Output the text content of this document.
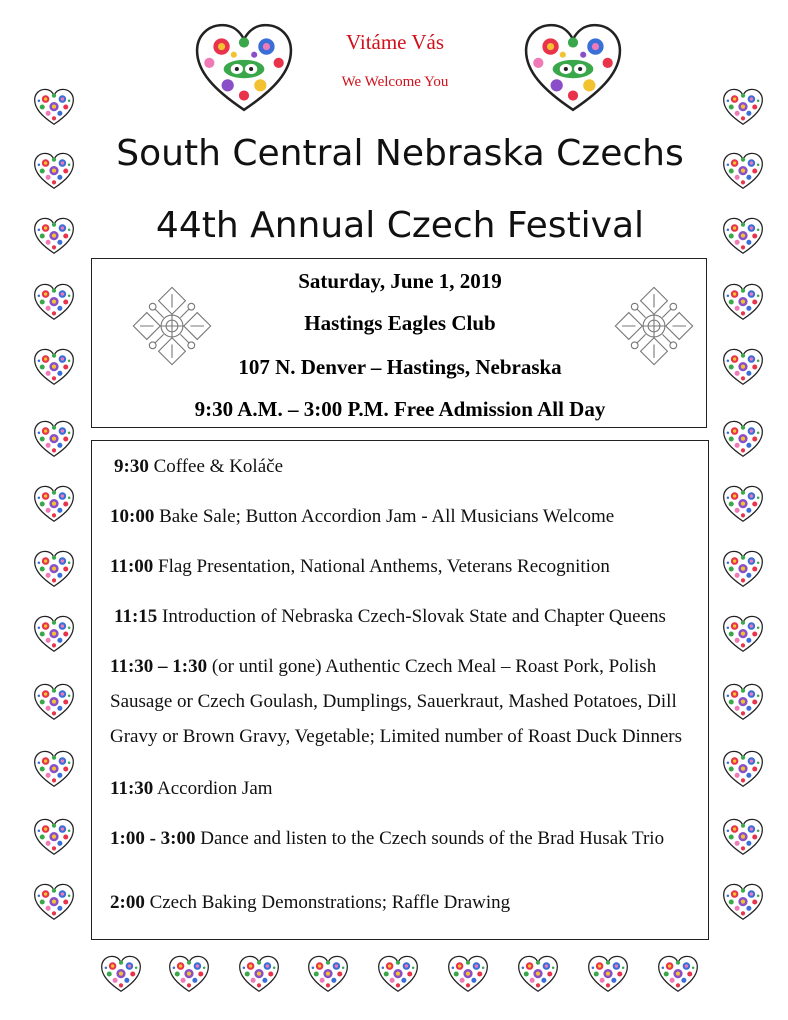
Vitáme Vás
We Welcome You
South Central Nebraska Czechs
44th Annual Czech Festival
Saturday, June 1, 2019
Hastings Eagles Club
107 N. Denver – Hastings, Nebraska
9:30 A.M. – 3:00 P.M. Free Admission All Day
9:30 Coffee & Koláče
10:00 Bake Sale; Button Accordion Jam - All Musicians Welcome
11:00 Flag Presentation, National Anthems, Veterans Recognition
11:15 Introduction of Nebraska Czech-Slovak State and Chapter Queens
11:30 – 1:30 (or until gone) Authentic Czech Meal – Roast Pork, Polish Sausage or Czech Goulash, Dumplings, Sauerkraut, Mashed Potatoes, Dill Gravy or Brown Gravy, Vegetable; Limited number of Roast Duck Dinners
11:30 Accordion Jam
1:00 - 3:00 Dance and listen to the Czech sounds of the Brad Husak Trio
2:00 Czech Baking Demonstrations; Raffle Drawing
